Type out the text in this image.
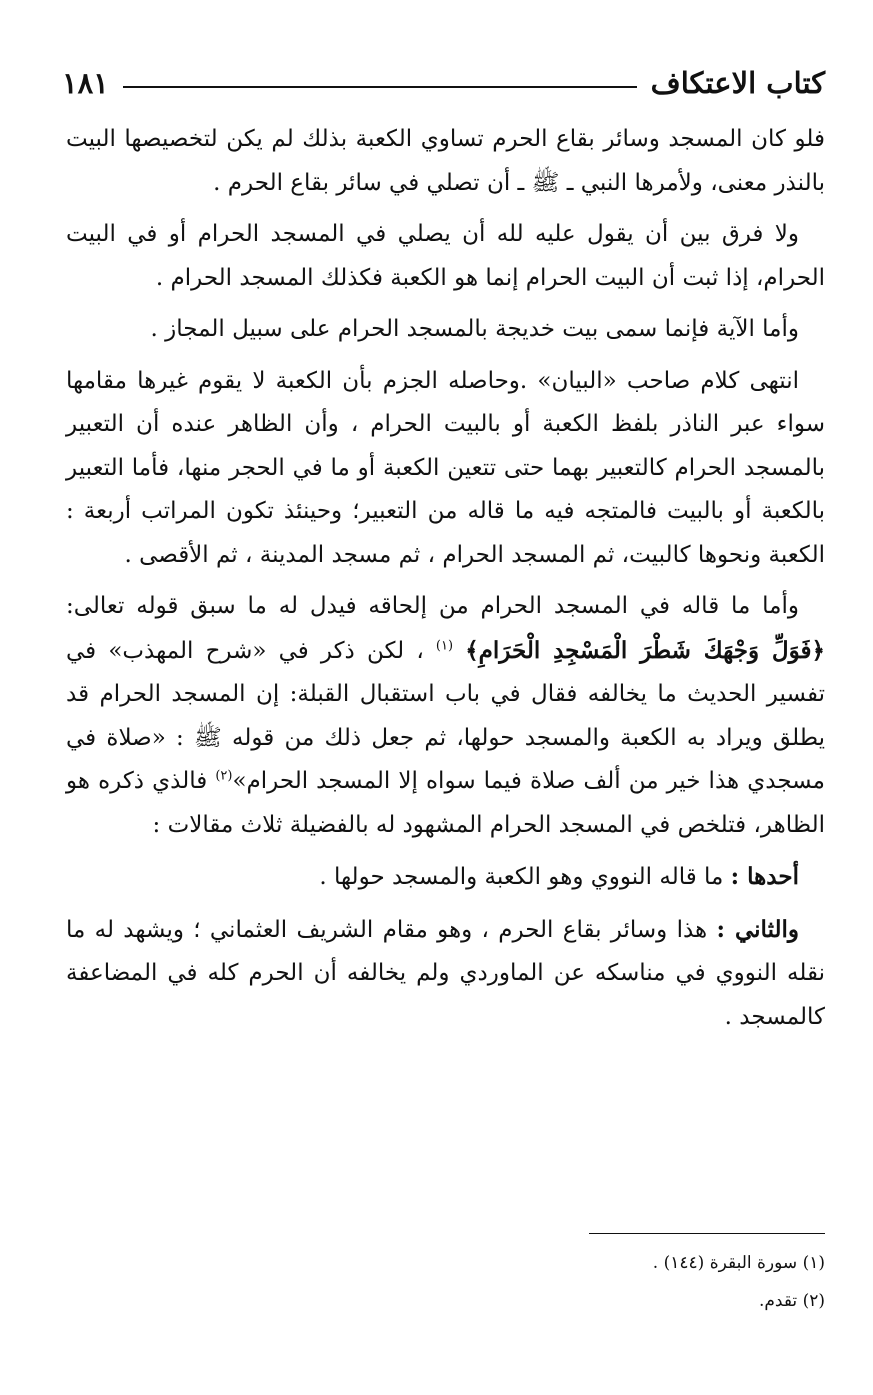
كتاب الاعتكاف
١٨١

فلو كان المسجد وسائر بقاع الحرم تساوي الكعبة بذلك لم يكن لتخصيصها البيت بالنذر معنى، ولأمرها النبي ـ ﷺ ـ أن تصلي في سائر بقاع الحرم .

ولا فرق بين أن يقول عليه لله أن يصلي في المسجد الحرام أو في البيت الحرام، إذا ثبت أن البيت الحرام إنما هو الكعبة فكذلك المسجد الحرام .

وأما الآية فإنما سمى بيت خديجة بالمسجد الحرام على سبيل المجاز .

انتهى كلام صاحب «البيان» .وحاصله الجزم بأن الكعبة لا يقوم غيرها مقامها سواء عبر الناذر بلفظ الكعبة أو بالبيت الحرام ، وأن الظاهر عنده أن التعبير بالمسجد الحرام كالتعبير بهما حتى تتعين الكعبة أو ما في الحجر منها، فأما التعبير بالكعبة أو بالبيت فالمتجه فيه ما قاله من التعبير؛ وحينئذ تكون المراتب أربعة : الكعبة ونحوها كالبيت، ثم المسجد الحرام ، ثم مسجد المدينة ، ثم الأقصى .

وأما ما قاله في المسجد الحرام من إلحاقه فيدل له ما سبق قوله تعالى: ﴿فَوَلِّ وَجْهَكَ شَطْرَ الْمَسْجِدِ الْحَرَامِ﴾ $^{(١)}$ ، لكن ذكر في «شرح المهذب» في تفسير الحديث ما يخالفه فقال في باب استقبال القبلة: إن المسجد الحرام قد يطلق ويراد به الكعبة والمسجد حولها، ثم جعل ذلك من قوله ﷺ : «صلاة في مسجدي هذا خير من ألف صلاة فيما سواه إلا المسجد الحرام»$^{(٢)}$ فالذي ذكره هو الظاهر، فتلخص في المسجد الحرام المشهود له بالفضيلة ثلاث مقالات :

أحدها : ما قاله النووي وهو الكعبة والمسجد حولها .

والثاني : هذا وسائر بقاع الحرم ، وهو مقام الشريف العثماني ؛ ويشهد له ما نقله النووي في مناسكه عن الماوردي ولم يخالفه أن الحرم كله في المضاعفة كالمسجد .

(١) سورة البقرة (١٤٤) .
(٢) تقدم.
